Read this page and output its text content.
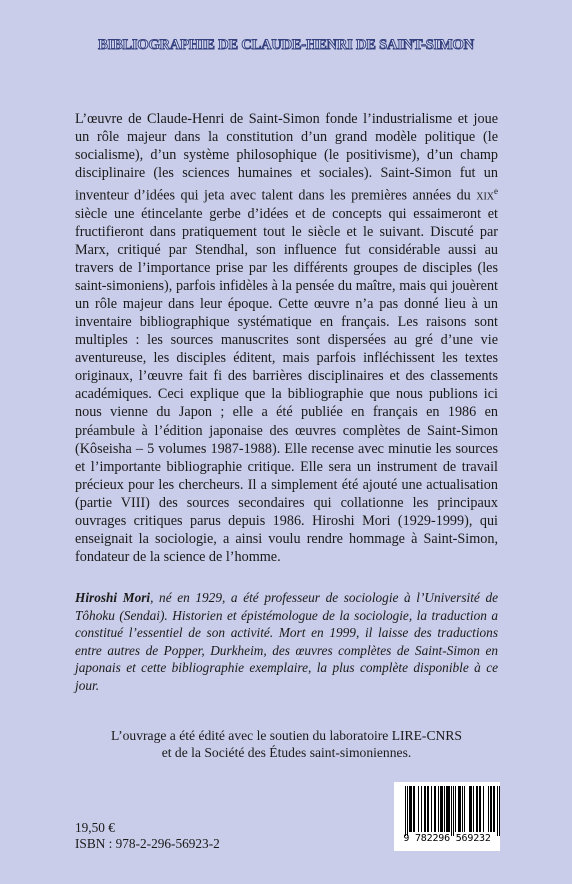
BIBLIOGRAPHIE DE CLAUDE-HENRI DE SAINT-SIMON

L’œuvre de Claude-Henri de Saint-Simon fonde l’industrialisme et joue un rôle majeur dans la constitution d’un grand modèle politique (le socialisme), d’un système philosophique (le positivisme), d’un champ disciplinaire (les sciences humaines et sociales). Saint-Simon fut un inventeur d’idées qui jeta avec talent dans les premières années du xix$^e$ siècle une étincelante gerbe d’idées et de concepts qui essaimeront et fructifieront dans pratiquement tout le siècle et le suivant. Discuté par Marx, critiqué par Stendhal, son influence fut considérable aussi au travers de l’importance prise par les différents groupes de disciples (les saint-simoniens), parfois infidèles à la pensée du maître, mais qui jouèrent un rôle majeur dans leur époque. Cette œuvre n’a pas donné lieu à un inventaire bibliographique systématique en français. Les raisons sont multiples : les sources manuscrites sont dispersées au gré d’une vie aventureuse, les disciples éditent, mais parfois infléchissent les textes originaux, l’œuvre fait fi des barrières disciplinaires et des classements académiques. Ceci explique que la bibliographie que nous publions ici nous vienne du Japon ; elle a été publiée en français en 1986 en préambule à l’édition japonaise des œuvres complètes de Saint-Simon (Kôseisha – 5 volumes 1987-1988). Elle recense avec minutie les sources et l’importante bibliographie critique. Elle sera un instrument de travail précieux pour les chercheurs. Il a simplement été ajouté une actualisation (partie VIII) des sources secondaires qui collationne les principaux ouvrages critiques parus depuis 1986. Hiroshi Mori (1929-1999), qui enseignait la sociologie, a ainsi voulu rendre hommage à Saint-Simon, fondateur de la science de l’homme.

Hiroshi Mori, né en 1929, a été professeur de sociologie à l’Université de Tôhoku (Sendai). Historien et épistémologue de la sociologie, la traduction a constitué l’essentiel de son activité. Mort en 1999, il laisse des traductions entre autres de Popper, Durkheim, des œuvres complètes de Saint-Simon en japonais et cette bibliographie exemplaire, la plus complète disponible à ce jour.

L’ouvrage a été édité avec le soutien du laboratoire LIRE-CNRS
et de la Société des Études saint-simoniennes.
19,50 €
ISBN : 978-2-296-56923-2	9 782296 569232
